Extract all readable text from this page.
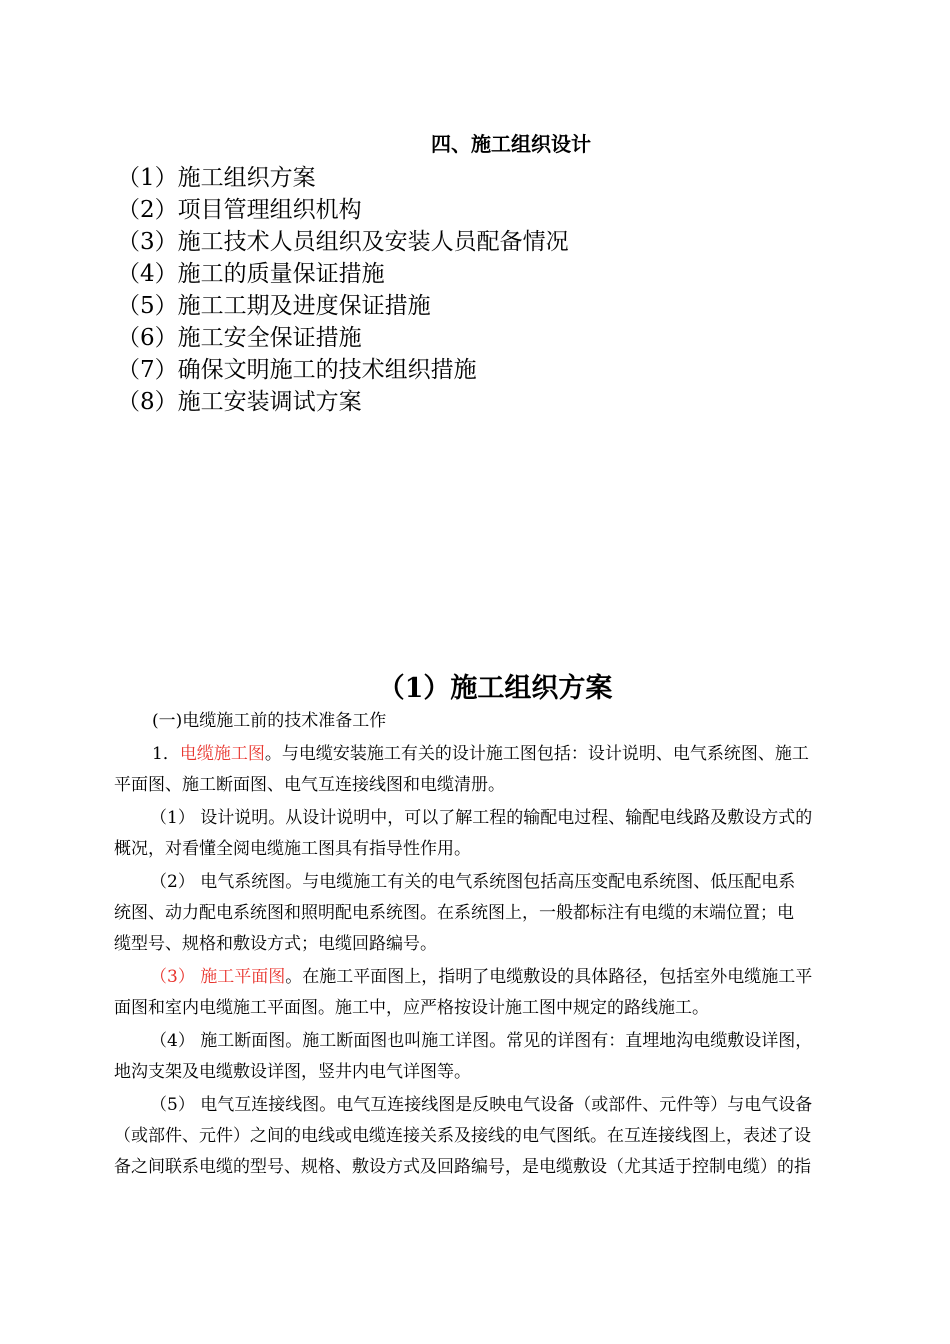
四、施工组织设计
（1）施工组织方案
（2）项目管理组织机构
（3）施工技术人员组织及安装人员配备情况
（4）施工的质量保证措施
（5）施工工期及进度保证措施
（6）施工安全保证措施
（7）确保文明施工的技术组织措施
（8）施工安装调试方案
（1）施工组织方案

(一)电缆施工前的技术准备工作

1．电缆施工图。与电缆安装施工有关的设计施工图包括：设计说明、电气系统图、施工

平面图、施工断面图、电气互连接线图和电缆清册。

（1） 设计说明。从设计说明中，可以了解工程的输配电过程、输配电线路及敷设方式的

概况，对看懂全阅电缆施工图具有指导性作用。

（2） 电气系统图。与电缆施工有关的电气系统图包括高压变配电系统图、低压配电系

统图、动力配电系统图和照明配电系统图。在系统图上，一般都标注有电缆的末端位置；电

缆型号、规格和敷设方式；电缆回路编号。

（3） 施工平面图。在施工平面图上，指明了电缆敷设的具体路径，包括室外电缆施工平

面图和室内电缆施工平面图。施工中，应严格按设计施工图中规定的路线施工。

（4） 施工断面图。施工断面图也叫施工详图。常见的详图有：直埋地沟电缆敷设详图，

地沟支架及电缆敷设详图，竖井内电气详图等。

（5） 电气互连接线图。电气互连接线图是反映电气设备（或部件、元件等）与电气设备

（或部件、元件）之间的电线或电缆连接关系及接线的电气图纸。在互连接线图上，表述了设

备之间联系电缆的型号、规格、敷设方式及回路编号，是电缆敷设（尤其适于控制电缆）的指
